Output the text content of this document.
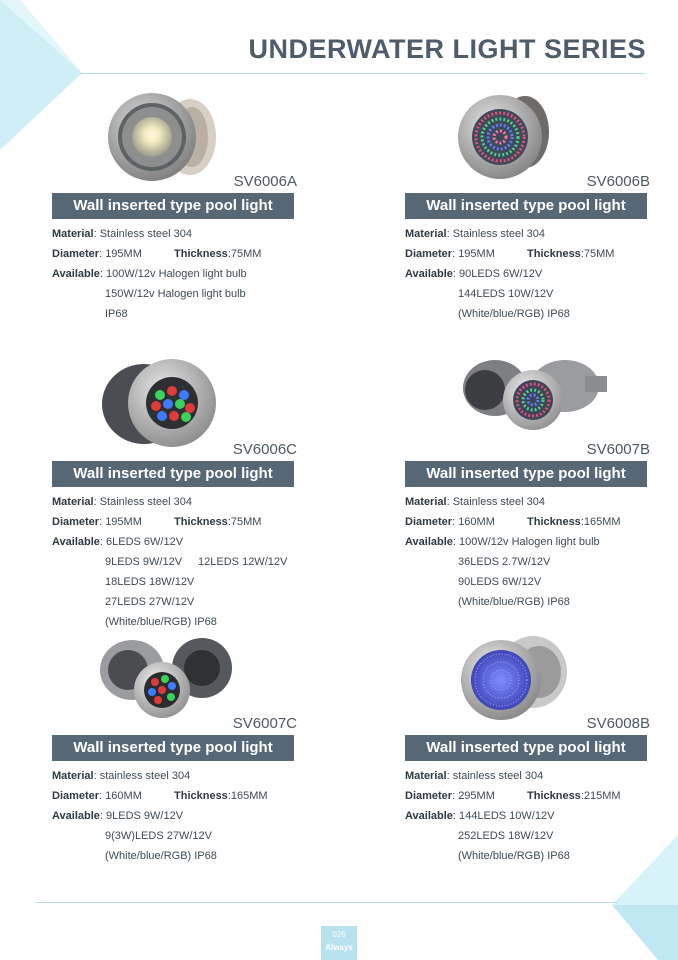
UNDERWATER LIGHT SERIES
SV6006A
Wall inserted type pool light
Material: Stainless steel 304
Diameter: 195MM	Thickness:75MM
Available: 100W/12v Halogen light bulb
150W/12v Halogen light bulb
IP68
SV6006B
Wall inserted type pool light
Material: Stainless steel 304
Diameter: 195MM	Thickness:75MM
Available: 90LEDS 6W/12V
144LEDS 10W/12V
(White/blue/RGB) IP68
SV6006C
Wall inserted type pool light
Material: Stainless steel 304
Diameter: 195MM	Thickness:75MM
Available: 6LEDS 6W/12V
9LEDS 9W/12V 12LEDS 12W/12V
18LEDS 18W/12V
27LEDS 27W/12V
(White/blue/RGB) IP68
SV6007B
Wall inserted type pool light
Material: Stainless steel 304
Diameter: 160MM	Thickness:165MM
Available: 100W/12v Halogen light bulb
36LEDS 2.7W/12V
90LEDS 6W/12V
(White/blue/RGB) IP68
SV6007C
Wall inserted type pool light
Material: stainless steel 304
Diameter: 160MM	Thickness:165MM
Available: 9LEDS 9W/12V
9(3W)LEDS 27W/12V
(White/blue/RGB) IP68
SV6008B
Wall inserted type pool light
Material: stainless steel 304
Diameter: 295MM	Thickness:215MM
Available: 144LEDS 10W/12V
252LEDS 18W/12V
(White/blue/RGB) IP68
026
Always
